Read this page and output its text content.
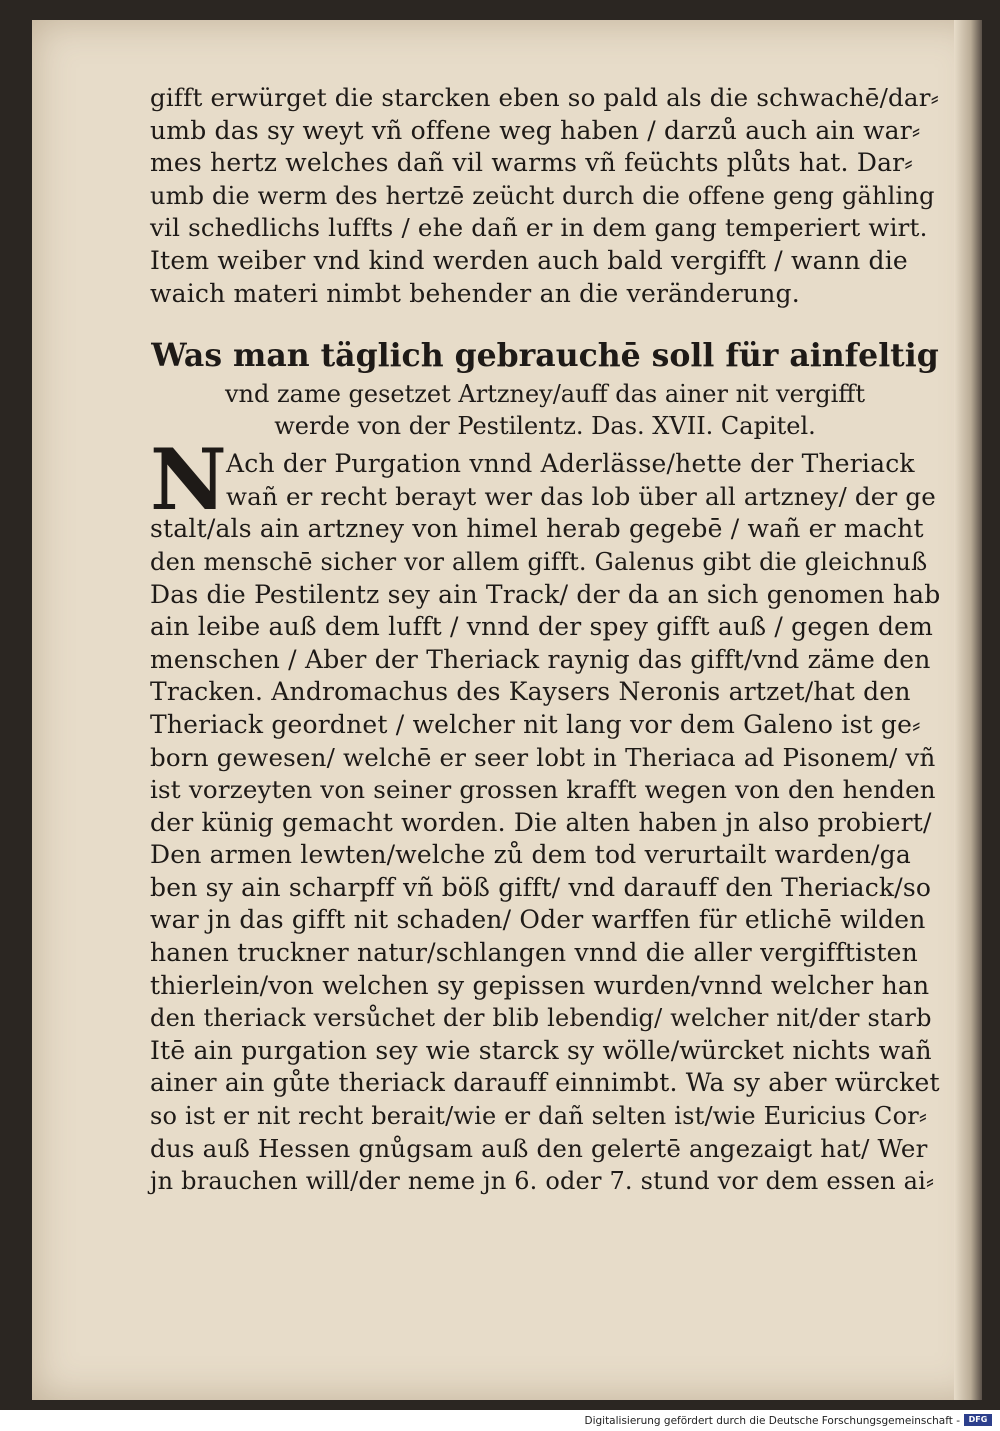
gifft erwürget die starcken eben so pald als die schwachē/dar⸗
umb das sy weyt vñ offene weg haben / darzů auch ain war⸗
mes hertz welches dañ vil warms vñ feüchts plůts hat. Dar⸗
umb die werm des hertzē zeücht durch die offene geng gähling
vil schedlichs luffts / ehe dañ er in dem gang temperiert wirt.
Item weiber vnd kind werden auch bald vergifft / wann die
waich materi nimbt behender an die veränderung.
Was man täglich gebrauchē soll für ainfeltig
vnd zame gesetzet Artzney/auff das ainer nit vergifft
werde von der Pestilentz. Das. XVII. Capitel.
N Ach der Purgation vnnd Aderlässe/hette der Theriack
wañ er recht berayt wer das lob über all artzney/ der ge
stalt/als ain artzney von himel herab gegebē / wañ er macht
den menschē sicher vor allem gifft. Galenus gibt die gleichnuß
Das die Pestilentz sey ain Track/ der da an sich genomen hab
ain leibe auß dem lufft / vnnd der spey gifft auß / gegen dem
menschen / Aber der Theriack raynig das gifft/vnd zäme den
Tracken. Andromachus des Kaysers Neronis artzet/hat den
Theriack geordnet / welcher nit lang vor dem Galeno ist ge⸗
born gewesen/ welchē er seer lobt in Theriaca ad Pisonem/ vñ
ist vorzeyten von seiner grossen krafft wegen von den henden
der künig gemacht worden. Die alten haben jn also probiert/
Den armen lewten/welche zů dem tod verurtailt warden/ga
ben sy ain scharpff vñ böß gifft/ vnd darauff den Theriack/so
war jn das gifft nit schaden/ Oder warffen für etlichē wilden
hanen truckner natur/schlangen vnnd die aller vergifftisten
thierlein/von welchen sy gepissen wurden/vnnd welcher han
den theriack versůchet der blib lebendig/ welcher nit/der starb
Itē ain purgation sey wie starck sy wölle/würcket nichts wañ
ainer ain gůte theriack darauff einnimbt. Wa sy aber würcket
so ist er nit recht berait/wie er dañ selten ist/wie Euricius Cor⸗
dus auß Hessen gnůgsam auß den gelertē angezaigt hat/ Wer
jn brauchen will/der neme jn 6. oder 7. stund vor dem essen ai⸗
Digitalisierung gefördert durch die Deutsche Forschungsgemeinschaft -	DFG
